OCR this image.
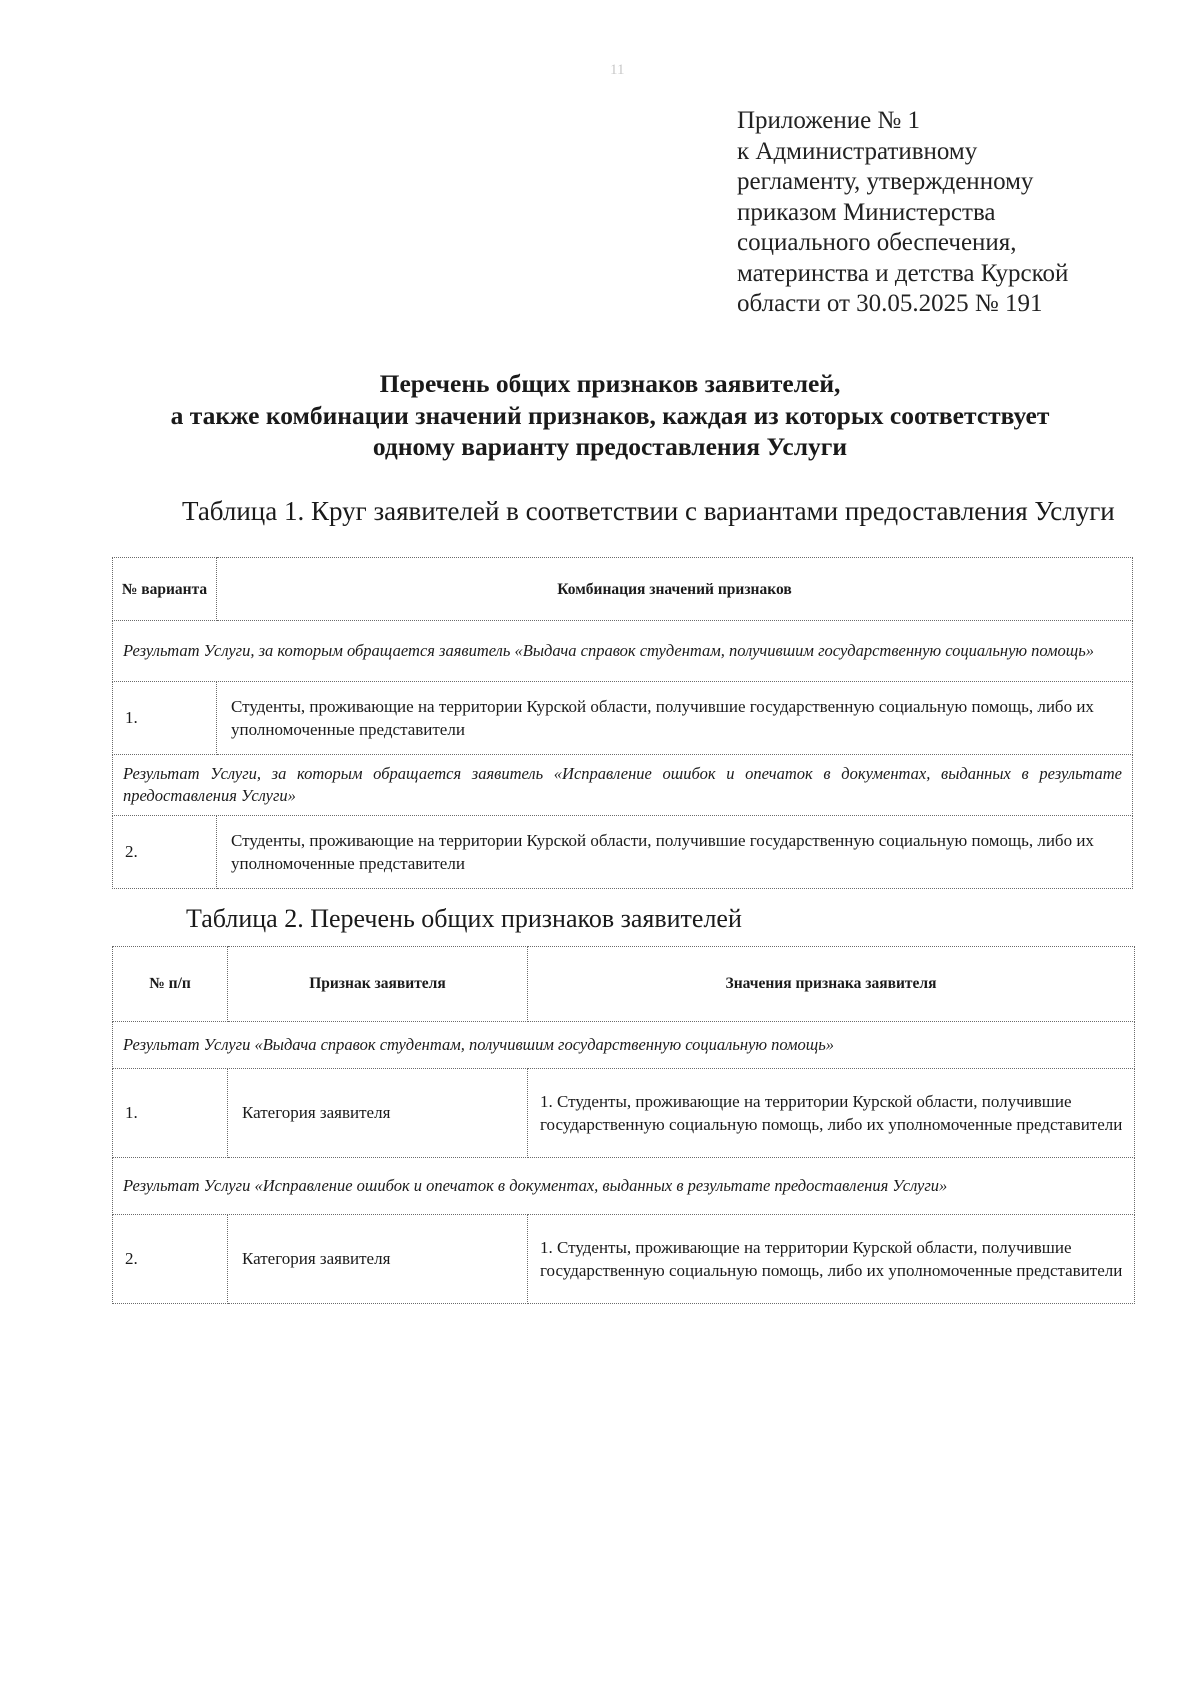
11
Приложение № 1
к Административному
регламенту, утвержденному
приказом Министерства
социального обеспечения,
материнства и детства Курской
области от 30.05.2025 № 191
Перечень общих признаков заявителей,
а также комбинации значений признаков, каждая из которых соответствует
одному варианту предоставления Услуги
Таблица 1. Круг заявителей в соответствии с вариантами предоставления Услуги
№ варианта	Комбинация значений признаков
Результат Услуги, за которым обращается заявитель «Выдача справок студентам, получившим государственную социальную помощь»	
1.	Студенты, проживающие на территории Курской области, получившие государственную социальную помощь, либо их уполномоченные представители
Результат Услуги, за которым обращается заявитель «Исправление ошибок и опечаток в документах, выданных в результате предоставления Услуги»	
2.	Студенты, проживающие на территории Курской области, получившие государственную социальную помощь, либо их уполномоченные представители
Таблица 2. Перечень общих признаков заявителей
№ п/п	Признак заявителя	Значения признака заявителя
Результат Услуги «Выдача справок студентам, получившим государственную социальную помощь»		
1.	Категория заявителя	1. Студенты, проживающие на территории Курской области, получившие государственную социальную помощь, либо их уполномоченные представители
Результат Услуги «Исправление ошибок и опечаток в документах, выданных в результате предоставления Услуги»		
2.	Категория заявителя	1. Студенты, проживающие на территории Курской области, получившие государственную социальную помощь, либо их уполномоченные представители
